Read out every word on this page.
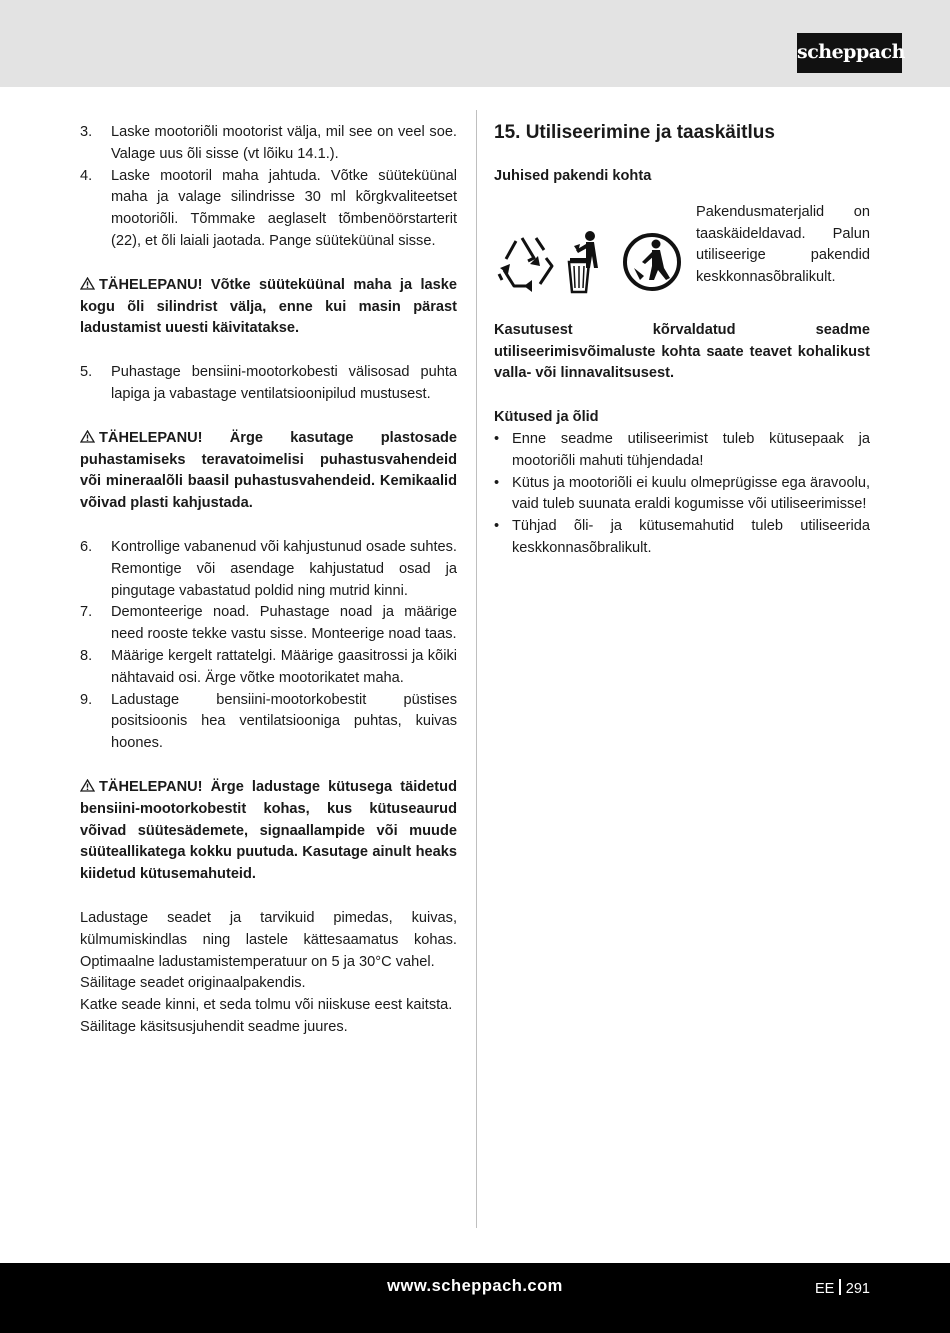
scheppach
3. Laske mootoriõli mootorist välja, mil see on veel soe. Valage uus õli sisse (vt lõiku 14.1.).
4. Laske mootoril maha jahtuda. Võtke süüteküünal maha ja valage silindrisse 30 ml kõrgkvaliteetset mootoriõli. Tõmmake aeglaselt tõmbenöörstarterit (22), et õli laiali jaotada. Pange süüteküünal sisse.

TÄHELEPANU! Võtke süüteküünal maha ja laske kogu õli silindrist välja, enne kui masin pärast ladustamist uuesti käivitatakse.

5. Puhastage bensiini-mootorkobesti välisosad puhta lapiga ja vabastage ventilatsioonipilud mustusest.

TÄHELEPANU! Ärge kasutage plastosade puhastamiseks teravatoimelisi puhastusvahendeid või mineraalõli baasil puhastusvahendeid. Kemikaalid võivad plasti kahjustada.

6. Kontrollige vabanenud või kahjustunud osade suhtes. Remontige või asendage kahjustatud osad ja pingutage vabastatud poldid ning mutrid kinni.
7. Demonteerige noad. Puhastage noad ja määrige need rooste tekke vastu sisse. Monteerige noad taas.
8. Määrige kergelt rattatelgi. Määrige gaasitrossi ja kõiki nähtavaid osi. Ärge võtke mootorikatet maha.
9. Ladustage bensiini-mootorkobestit püstises positsioonis hea ventilatsiooniga puhtas, kuivas hoones.

TÄHELEPANU! Ärge ladustage kütusega täidetud bensiini-mootorkobestit kohas, kus kütuseaurud võivad süütesädemete, signaallampide või muude süüteallikatega kokku puutuda. Kasutage ainult heaks kiidetud kütusemahuteid.

Ladustage seadet ja tarvikuid pimedas, kuivas, külmumiskindlas ning lastele kättesaamatus kohas. Optimaalne ladustamistemperatuur on 5 ja 30°C vahel.

Säilitage seadet originaalpakendis.

Katke seade kinni, et seda tolmu või niiskuse eest kaitsta.

Säilitage käsitsusjuhendit seadme juures.

15. Utiliseerimine ja taaskäitlus
Juhised pakendi kohta

Pakendusmaterjalid on taaskäideldavad. Palun utiliseerige pakendid keskkonnasõbralikult.

Kasutusest kõrvaldatud seadme utiliseerimisvõimaluste kohta saate teavet kohalikust valla- või linnavalitsusest.

Kütused ja õlid
• Enne seadme utiliseerimist tuleb kütusepaak ja mootoriõli mahuti tühjendada!
• Kütus ja mootoriõli ei kuulu olmeprügisse ega äravoolu, vaid tuleb suunata eraldi kogumisse või utiliseerimisse!
• Tühjad õli- ja kütusemahutid tuleb utiliseerida keskkonnasõbralikult.
www.scheppach.com	EE 291
